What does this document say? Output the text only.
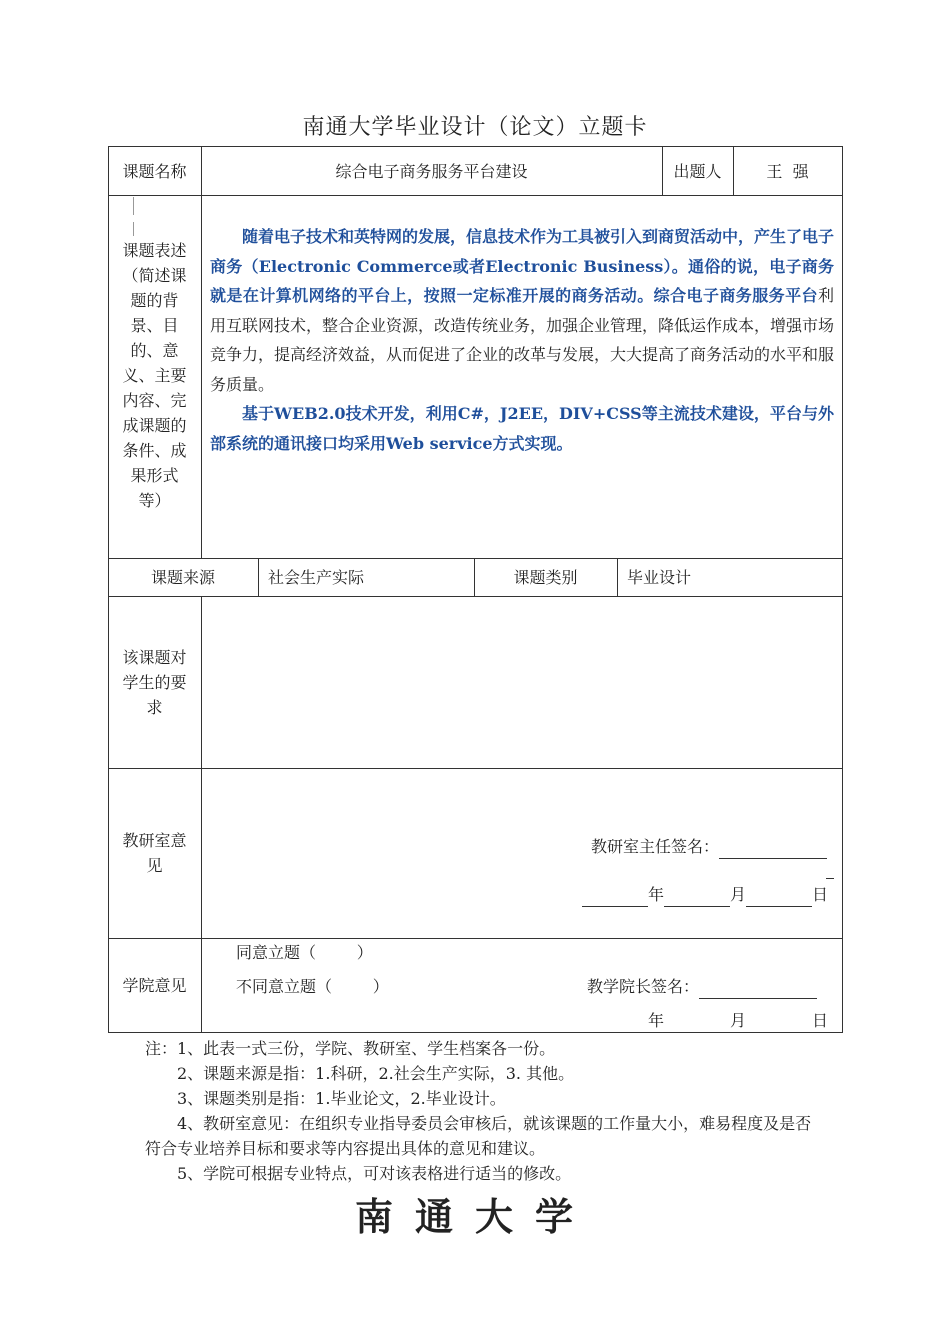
南通大学毕业设计（论文）立题卡
课题名称	综合电子商务服务平台建设	出题人	王  强
课题表述
（简述课
题的背
景、目
的、意
义、主要
内容、完
成课题的
条件、成
果形式
等）

随着电子技术和英特网的发展，信息技术作为工具被引入到商贸活动中，产生了电子商务（Electronic Commerce或者Electronic Business）。通俗的说，电子商务就是在计算机网络的平台上，按照一定标准开展的商务活动。综合电子商务服务平台利用互联网技术，整合企业资源，改造传统业务，加强企业管理，降低运作成本，增强市场竞争力，提高经济效益，从而促进了企业的改革与发展，大大提高了商务活动的水平和服务质量。

基于WEB2.0技术开发，利用C#，J2EE，DIV+CSS等主流技术建设，平台与外部系统的通讯接口均采用Web service方式实现。

课题来源	社会生产实际	课题类别	毕业设计
该课题对
学生的要
求
教研室意
见
教研室主任签名：
年	月	日
学院意见
同意立题（        ）
不同意立题（        ）	教学院长签名：
年	月	日

注：1、此表一式三份，学院、教研室、学生档案各一份。

2、课题来源是指：1.科研，2.社会生产实际，3. 其他。

3、课题类别是指：1.毕业论文，2.毕业设计。

4、教研室意见：在组织专业指导委员会审核后，就该课题的工作量大小，难易程度及是否符合专业培养目标和要求等内容提出具体的意见和建议。

5、学院可根据专业特点，可对该表格进行适当的修改。

南通大学
